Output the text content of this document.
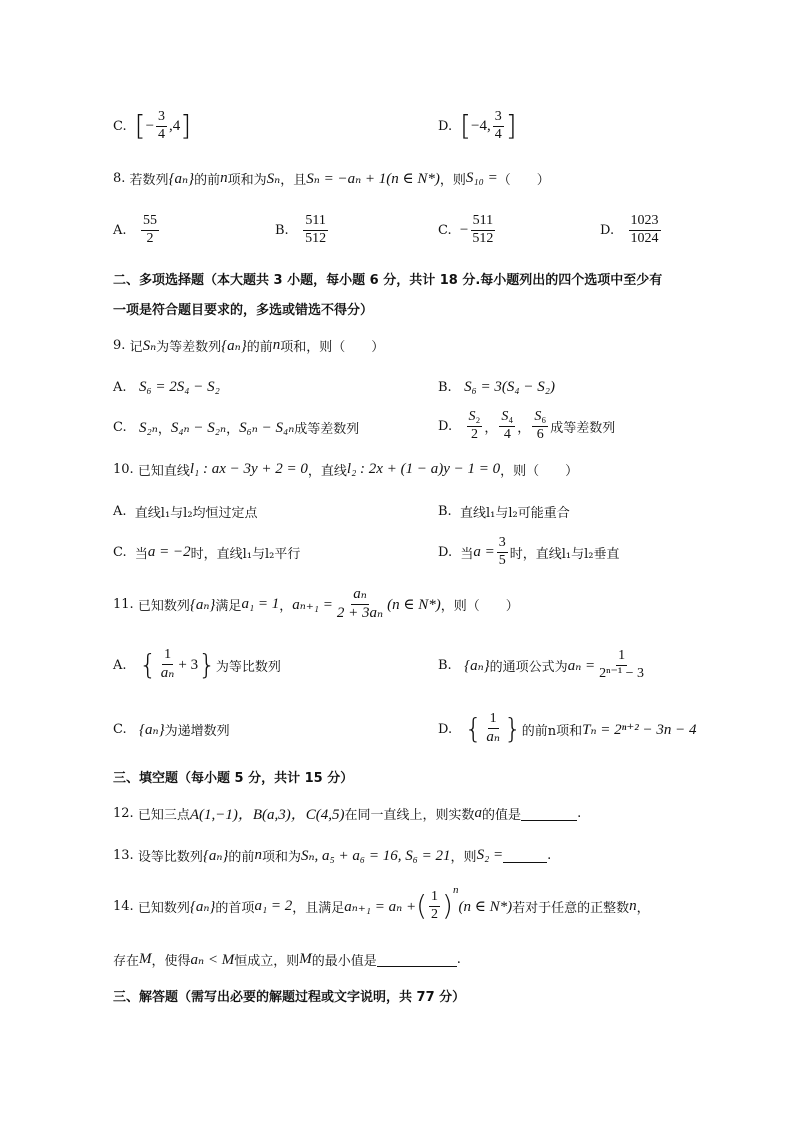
C. [ − $\frac{3}{4} ,4$ ]	D. [ −4, $\frac{3}{4}$ ]
8.
若数列 {aₙ} 的前 n 项和为 Sₙ ，且 Sₙ = −aₙ + 1(n ∈ N*) ，则 S₁₀ = （　　）
A.
$\frac{55}{2}$	B.
$\frac{511}{512}$	C.
− $\frac{511}{512}$	D.
$\frac{1023}{1024}$
二、多项选择题（本大题共 3 小题，每小题 6 分，共计 18 分.每小题列出的四个选项中至少有
一项是符合题目要求的，多选或错选不得分）
9.
记 Sₙ 为等差数列 {aₙ} 的前 n 项和，则（　　）
A.
S₆ = 2S₄ − S₂	B.
S₆ = 3(S₄ − S₂)
C.
S₂ₙ ， S₄ₙ − S₂ₙ ， S₆ₙ − S₄ₙ 成等差数列	D.
$\frac{\text{S₂}}{2}$ ， $\frac{\text{S₄}}{4}$ ， $\frac{\text{S₆}}{6}$ 成等差数列
10.
已知直线 l₁ : ax − 3y + 2 = 0 ，直线 l₂ : 2x + (1 − a)y − 1 = 0 ，则（　　）
A.
直线l₁与l₂均恒过定点	B.
直线l₁与l₂可能重合
C.
当 a = −2 时，直线l₁与l₂平行	D.
当 $a = \frac{3}{5}$ 时，直线l₁与l₂垂直
11.
已知数列 {aₙ} 满足 a₁ = 1 ， $a_{n+1} = \frac{\text{aₙ}}{\text{2 + 3aₙ}} (n$ ∈ N*) ，则（　　）
A.
{ $\frac{1}{\text{aₙ}} + 3$ } 为等比数列	B.
{aₙ} 的通项公式为 $a_n = \frac{1}{\text{2ⁿ⁻¹ − 3}}$
C.
{aₙ} 为递增数列	D.
{ $\frac{1}{\text{aₙ}}$ } 的前n项和 Tₙ = 2ⁿ⁺² − 3n − 4
三、填空题（每小题 5 分，共计 15 分）
12.
已知三点 A(1,−1)，B(a,3)，C(4,5) 在同一直线上，则实数 a 的值是	.
13.
设等比数列 {aₙ} 的前 n 项和为 Sₙ, a₅ + a₆ = 16, S₆ = 21 ，则 S₂ =	.
14.
已知数列 {aₙ} 的首项 a₁ = 2 ，且满足 aₙ₊₁ = aₙ + ( $\frac{1}{2} )^n$
(n ∈ N*) 若对于任意的正整数 n ，
存在 M ，使得 aₙ < M 恒成立，则 M 的最小值是	.
三、解答题（需写出必要的解题过程或文字说明，共 77 分）
